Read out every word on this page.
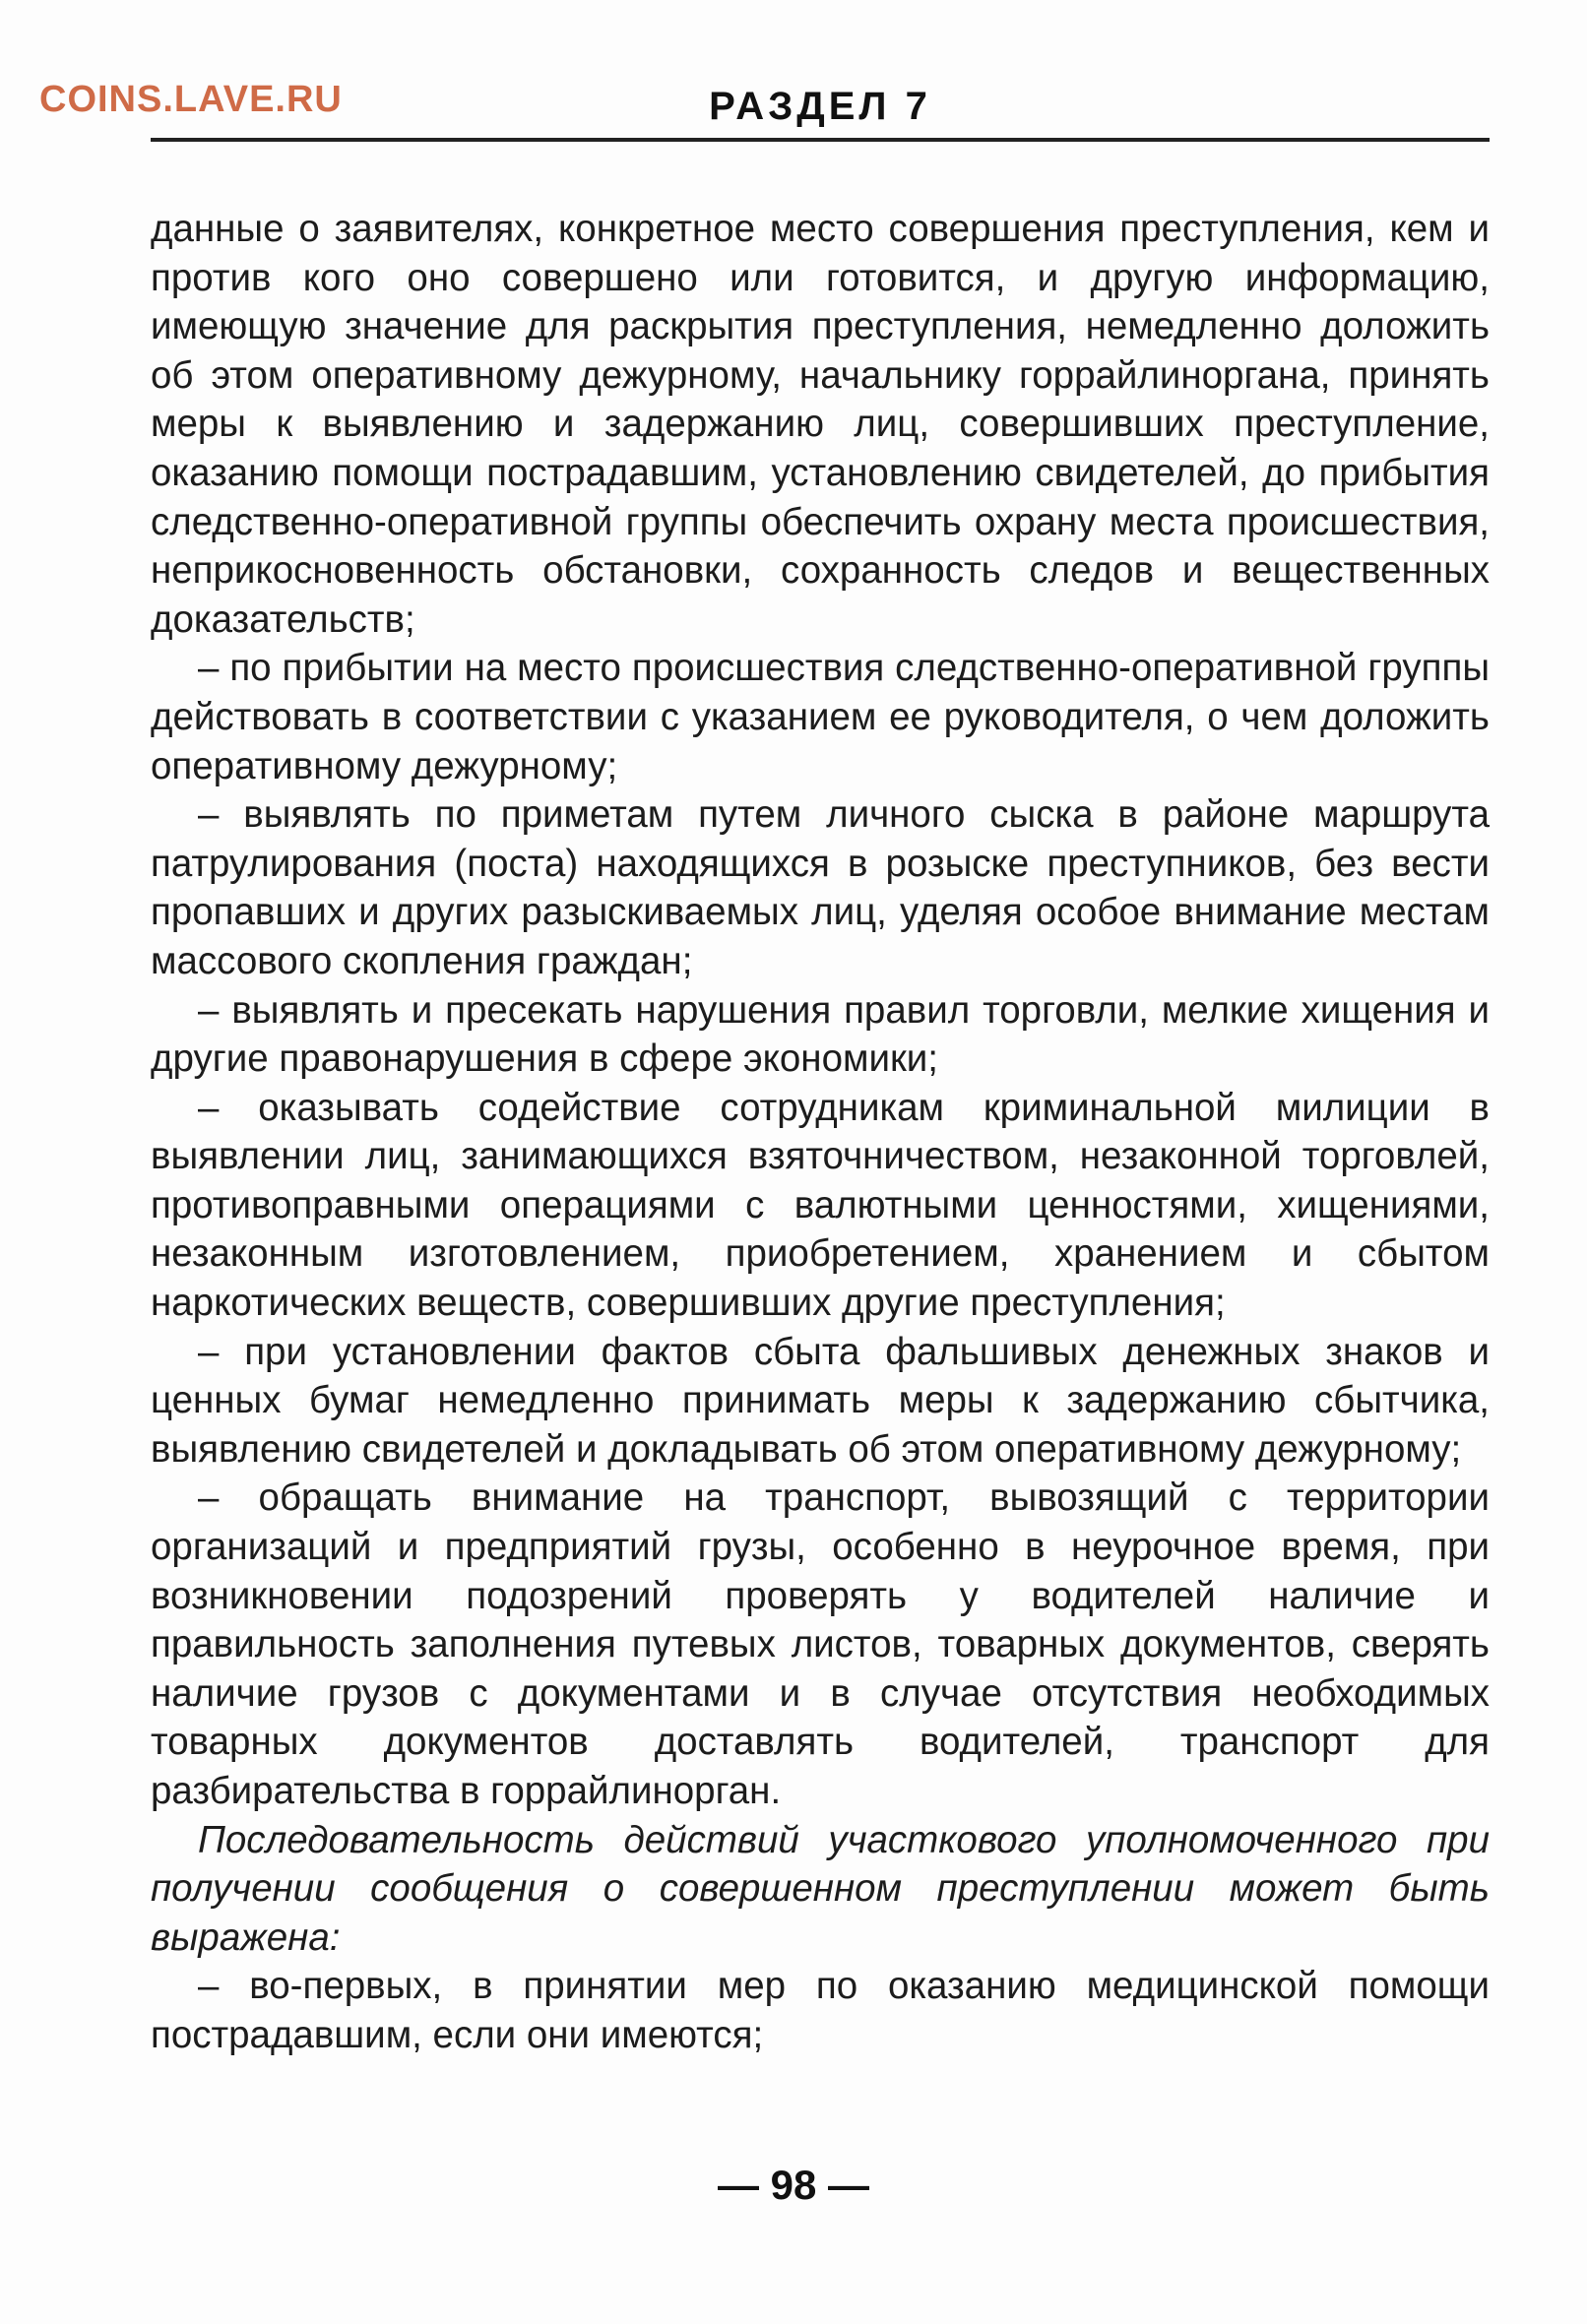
COINS.LAVE.RU	РАЗДЕЛ 7

данные о заявителях, конкретное место совершения преступления, кем и против кого оно совершено или готовится, и другую информацию, имеющую значение для раскрытия преступления, немедленно доложить об этом оперативному дежурному, начальнику горрайлиноргана, принять меры к выявлению и задержанию лиц, совершивших преступление, оказанию помощи пострадавшим, установлению свидетелей, до прибытия следственно-оперативной группы обеспечить охрану места происшествия, неприкосновенность обстановки, сохранность следов и вещественных доказательств;

– по прибытии на место происшествия следственно-оперативной группы действовать в соответствии с указанием ее руководителя, о чем доложить оперативному дежурному;

– выявлять по приметам путем личного сыска в районе маршрута патрулирования (поста) находящихся в розыске преступников, без вести пропавших и других разыскиваемых лиц, уделяя особое внимание местам массового скопления граждан;

– выявлять и пресекать нарушения правил торговли, мелкие хищения и другие правонарушения в сфере экономики;

– оказывать содействие сотрудникам криминальной милиции в выявлении лиц, занимающихся взяточничеством, незаконной торговлей, противоправными операциями с валютными ценностями, хищениями, незаконным изготовлением, приобретением, хранением и сбытом наркотических веществ, совершивших другие преступления;

– при установлении фактов сбыта фальшивых денежных знаков и ценных бумаг немедленно принимать меры к задержанию сбытчика, выявлению свидетелей и докладывать об этом оперативному дежурному;

– обращать внимание на транспорт, вывозящий с территории организаций и предприятий грузы, особенно в неурочное время, при возникновении подозрений проверять у водителей наличие и правильность заполнения путевых листов, товарных документов, сверять наличие грузов с документами и в случае отсутствия необходимых товарных документов доставлять водителей, транспорт для разбирательства в горрайлинорган.

Последовательность действий участкового уполномоченного при получении сообщения о совершенном преступлении может быть выражена:

– во-первых, в принятии мер по оказанию медицинской помощи пострадавшим, если они имеются;

— 98 —
